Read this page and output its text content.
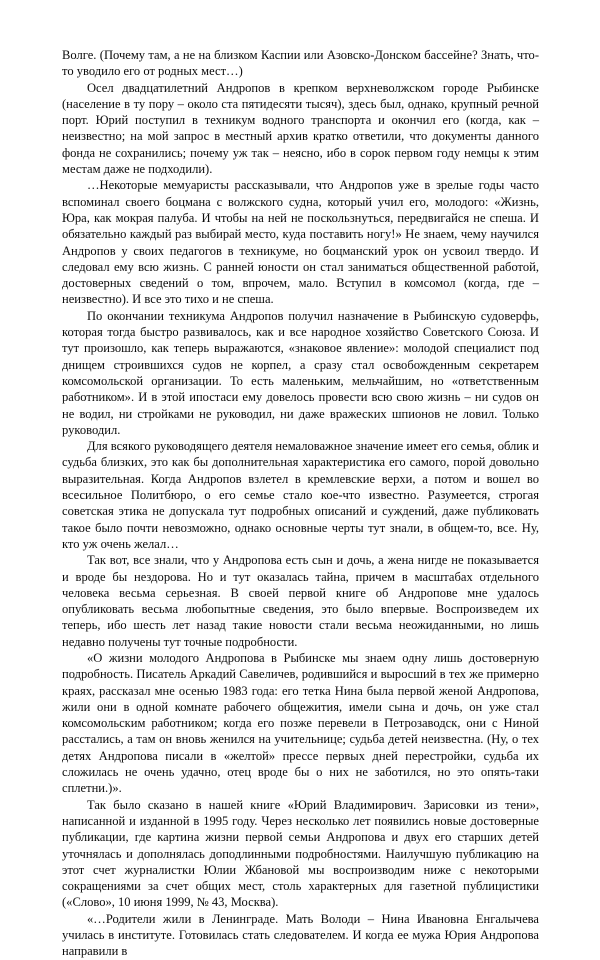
Волге. (Почему там, а не на близком Каспии или Азовско-Донском бассейне? Знать, что-то уводило его от родных мест…)

Осел двадцатилетний Андропов в крепком верхневолжском городе Рыбинске (население в ту пору – около ста пятидесяти тысяч), здесь был, однако, крупный речной порт. Юрий поступил в техникум водного транспорта и окончил его (когда, как – неизвестно; на мой запрос в местный архив кратко ответили, что документы данного фонда не сохранились; почему уж так – неясно, ибо в сорок первом году немцы к этим местам даже не подходили).

…Некоторые мемуаристы рассказывали, что Андропов уже в зрелые годы часто вспоминал своего боцмана с волжского судна, который учил его, молодого: «Жизнь, Юра, как мокрая палуба. И чтобы на ней не поскользнуться, передвигайся не спеша. И обязательно каждый раз выбирай место, куда поставить ногу!» Не знаем, чему научился Андропов у своих педагогов в техникуме, но боцманский урок он усвоил твердо. И следовал ему всю жизнь. С ранней юности он стал заниматься общественной работой, достоверных сведений о том, впрочем, мало. Вступил в комсомол (когда, где – неизвестно). И все это тихо и не спеша.

По окончании техникума Андропов получил назначение в Рыбинскую судоверфь, которая тогда быстро развивалось, как и все народное хозяйство Советского Союза. И тут произошло, как теперь выражаются, «знаковое явление»: молодой специалист под днищем строившихся судов не корпел, а сразу стал освобожденным секретарем комсомольской организации. То есть маленьким, мельчайшим, но «ответственным работником». И в этой ипостаси ему довелось провести всю свою жизнь – ни судов он не водил, ни стройками не руководил, ни даже вражеских шпионов не ловил. Только руководил.

Для всякого руководящего деятеля немаловажное значение имеет его семья, облик и судьба близких, это как бы дополнительная характеристика его самого, порой довольно выразительная. Когда Андропов взлетел в кремлевские верхи, а потом и вошел во всесильное Политбюро, о его семье стало кое-что известно. Разумеется, строгая советская этика не допускала тут подробных описаний и суждений, даже публиковать такое было почти невозможно, однако основные черты тут знали, в общем-то, все. Ну, кто уж очень желал…

Так вот, все знали, что у Андропова есть сын и дочь, а жена нигде не показывается и вроде бы нездорова. Но и тут оказалась тайна, причем в масштабах отдельного человека весьма серьезная. В своей первой книге об Андропове мне удалось опубликовать весьма любопытные сведения, это было впервые. Воспроизведем их теперь, ибо шесть лет назад такие новости стали весьма неожиданными, но лишь недавно получены тут точные подробности.

«О жизни молодого Андропова в Рыбинске мы знаем одну лишь достоверную подробность. Писатель Аркадий Савеличев, родившийся и выросший в тех же примерно краях, рассказал мне осенью 1983 года: его тетка Нина была первой женой Андропова, жили они в одной комнате рабочего общежития, имели сына и дочь, он уже стал комсомольским работником; когда его позже перевели в Петрозаводск, они с Ниной расстались, а там он вновь женился на учительнице; судьба детей неизвестна. (Ну, о тех детях Андропова писали в «желтой» прессе первых дней перестройки, судьба их сложилась не очень удачно, отец вроде бы о них не заботился, но это опять-таки сплетни.)».

Так было сказано в нашей книге «Юрий Владимирович. Зарисовки из тени», написанной и изданной в 1995 году. Через несколько лет появились новые достоверные публикации, где картина жизни первой семьи Андропова и двух его старших детей уточнялась и дополнялась доподлинными подробностями. Наилучшую публикацию на этот счет журналистки Юлии Жбановой мы воспроизводим ниже с некоторыми сокращениями за счет общих мест, столь характерных для газетной публицистики («Слово», 10 июня 1999, № 43, Москва).

«…Родители жили в Ленинграде. Мать Володи – Нина Ивановна Енгалычева училась в институте. Готовилась стать следователем. И когда ее мужа Юрия Андропова направили в
